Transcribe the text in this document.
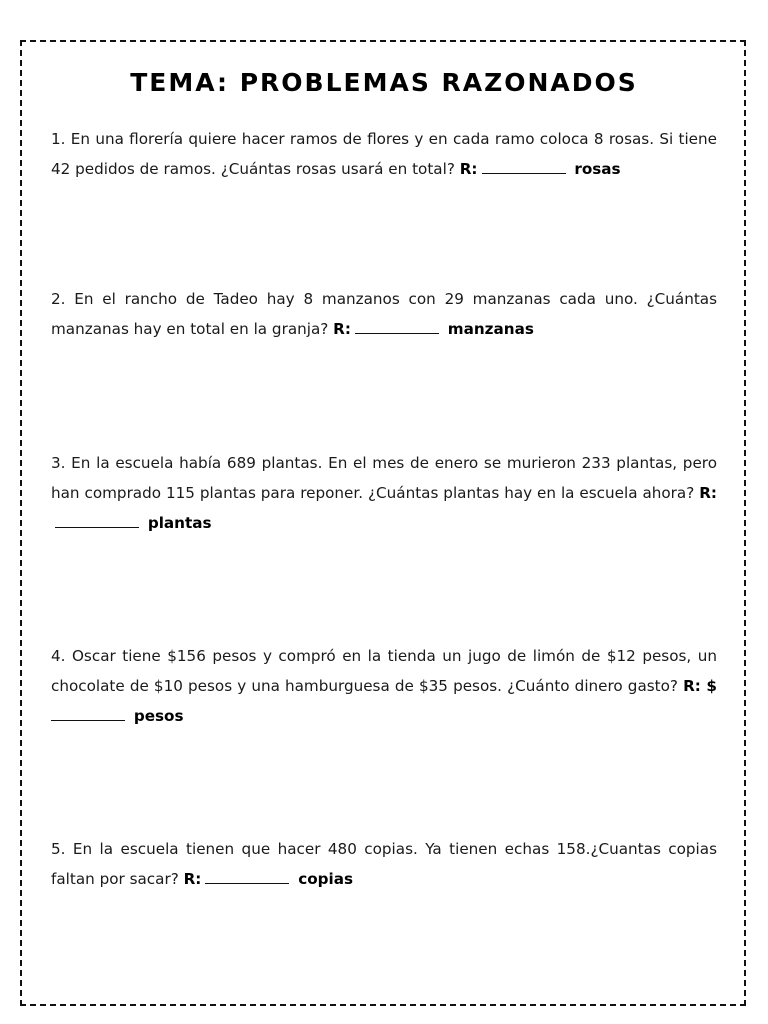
TEMA: PROBLEMAS RAZONADOS

1. En una florería quiere hacer ramos de flores y en cada ramo coloca 8 rosas. Si tiene 42 pedidos de ramos. ¿Cuántas rosas usará en total? R:	rosas

2. En el rancho de Tadeo hay 8 manzanos con 29 manzanas cada uno. ¿Cuántas manzanas hay en total en la granja? R:	manzanas

3. En la escuela había 689 plantas. En el mes de enero se murieron 233 plantas, pero han comprado 115 plantas para reponer. ¿Cuántas plantas hay en la escuela ahora? R: plantas

4. Oscar tiene $156 pesos y compró en la tienda un jugo de limón de $12 pesos, un chocolate de $10 pesos y una hamburguesa de $35 pesos. ¿Cuánto dinero gasto? R: $ pesos

5. En la escuela tienen que hacer 480 copias. Ya tienen echas 158.¿Cuantas copias faltan por sacar? R:	copias
